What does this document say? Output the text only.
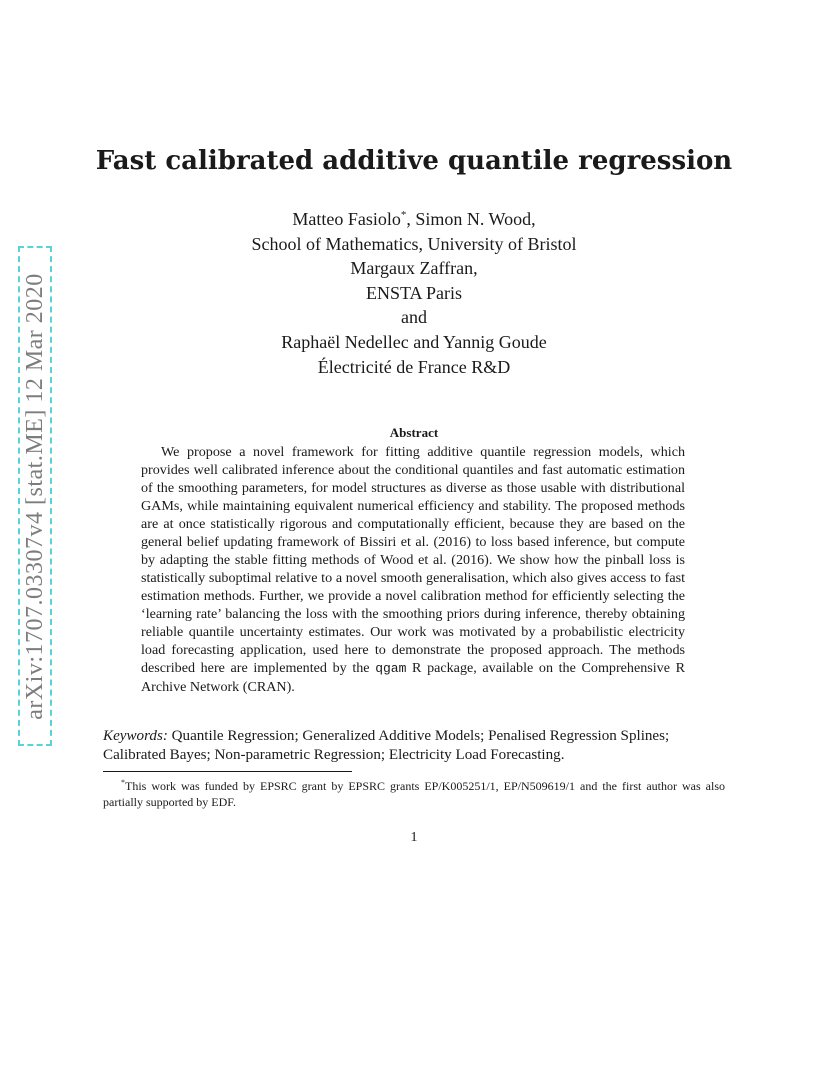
arXiv:1707.03307v4 [stat.ME] 12 Mar 2020
Fast calibrated additive quantile regression
Matteo Fasiolo*, Simon N. Wood,
School of Mathematics, University of Bristol
Margaux Zaffran,
ENSTA Paris
and
Raphaël Nedellec and Yannig Goude
Électricité de France R&D
Abstract

We propose a novel framework for fitting additive quantile regression models, which provides well calibrated inference about the conditional quantiles and fast automatic estimation of the smoothing parameters, for model structures as diverse as those usable with distributional GAMs, while maintaining equivalent numerical efficiency and stability. The proposed methods are at once statistically rigorous and computationally efficient, because they are based on the general belief updating framework of Bissiri et al. (2016) to loss based inference, but compute by adapting the stable fitting methods of Wood et al. (2016). We show how the pinball loss is statistically suboptimal relative to a novel smooth generalisation, which also gives access to fast estimation methods. Further, we provide a novel calibration method for efficiently selecting the ‘learning rate’ balancing the loss with the smoothing priors during inference, thereby obtaining reliable quantile uncertainty estimates. Our work was motivated by a probabilistic electricity load forecasting application, used here to demonstrate the proposed approach. The methods described here are implemented by the qgam R package, available on the Comprehensive R Archive Network (CRAN).

Keywords: Quantile Regression; Generalized Additive Models; Penalised Regression Splines; Calibrated Bayes; Non-parametric Regression; Electricity Load Forecasting.

*This work was funded by EPSRC grant by EPSRC grants EP/K005251/1, EP/N509619/1 and the first author was also partially supported by EDF.

1
